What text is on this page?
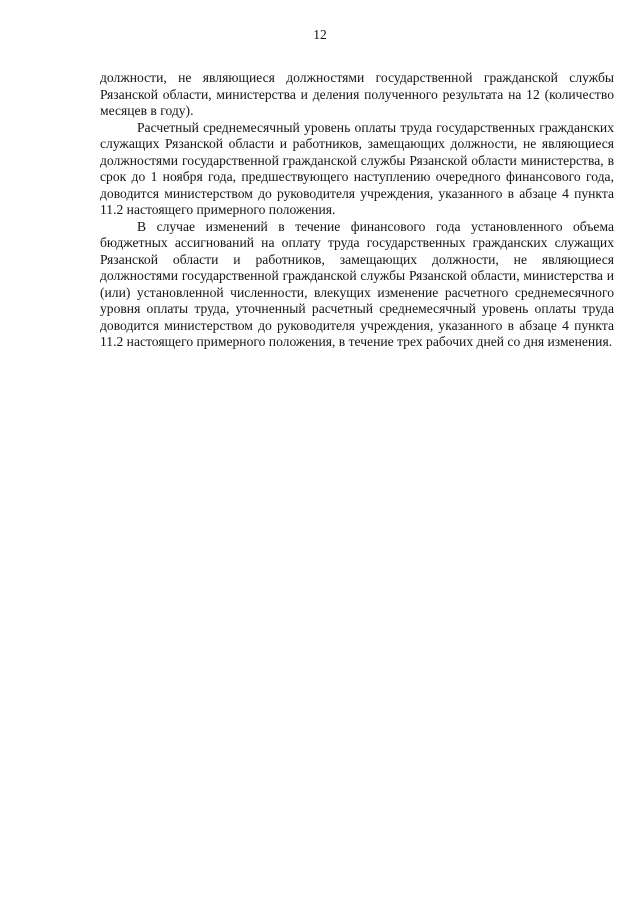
12

должности, не являющиеся должностями государственной гражданской службы Рязанской области, министерства и деления полученного результата на 12 (количество месяцев в году).

Расчетный среднемесячный уровень оплаты труда государственных гражданских служащих Рязанской области и работников, замещающих должности, не являющиеся должностями государственной гражданской службы Рязанской области министерства, в срок до 1 ноября года, предшествующего наступлению очередного финансового года, доводится министерством до руководителя учреждения, указанного в абзаце 4 пункта 11.2 настоящего примерного положения.

В случае изменений в течение финансового года установленного объема бюджетных ассигнований на оплату труда государственных гражданских служащих Рязанской области и работников, замещающих должности, не являющиеся должностями государственной гражданской службы Рязанской области, министерства и (или) установленной численности, влекущих изменение расчетного среднемесячного уровня оплаты труда, уточненный расчетный среднемесячный уровень оплаты труда доводится министерством до руководителя учреждения, указанного в абзаце 4 пункта 11.2 настоящего примерного положения, в течение трех рабочих дней со дня изменения.
